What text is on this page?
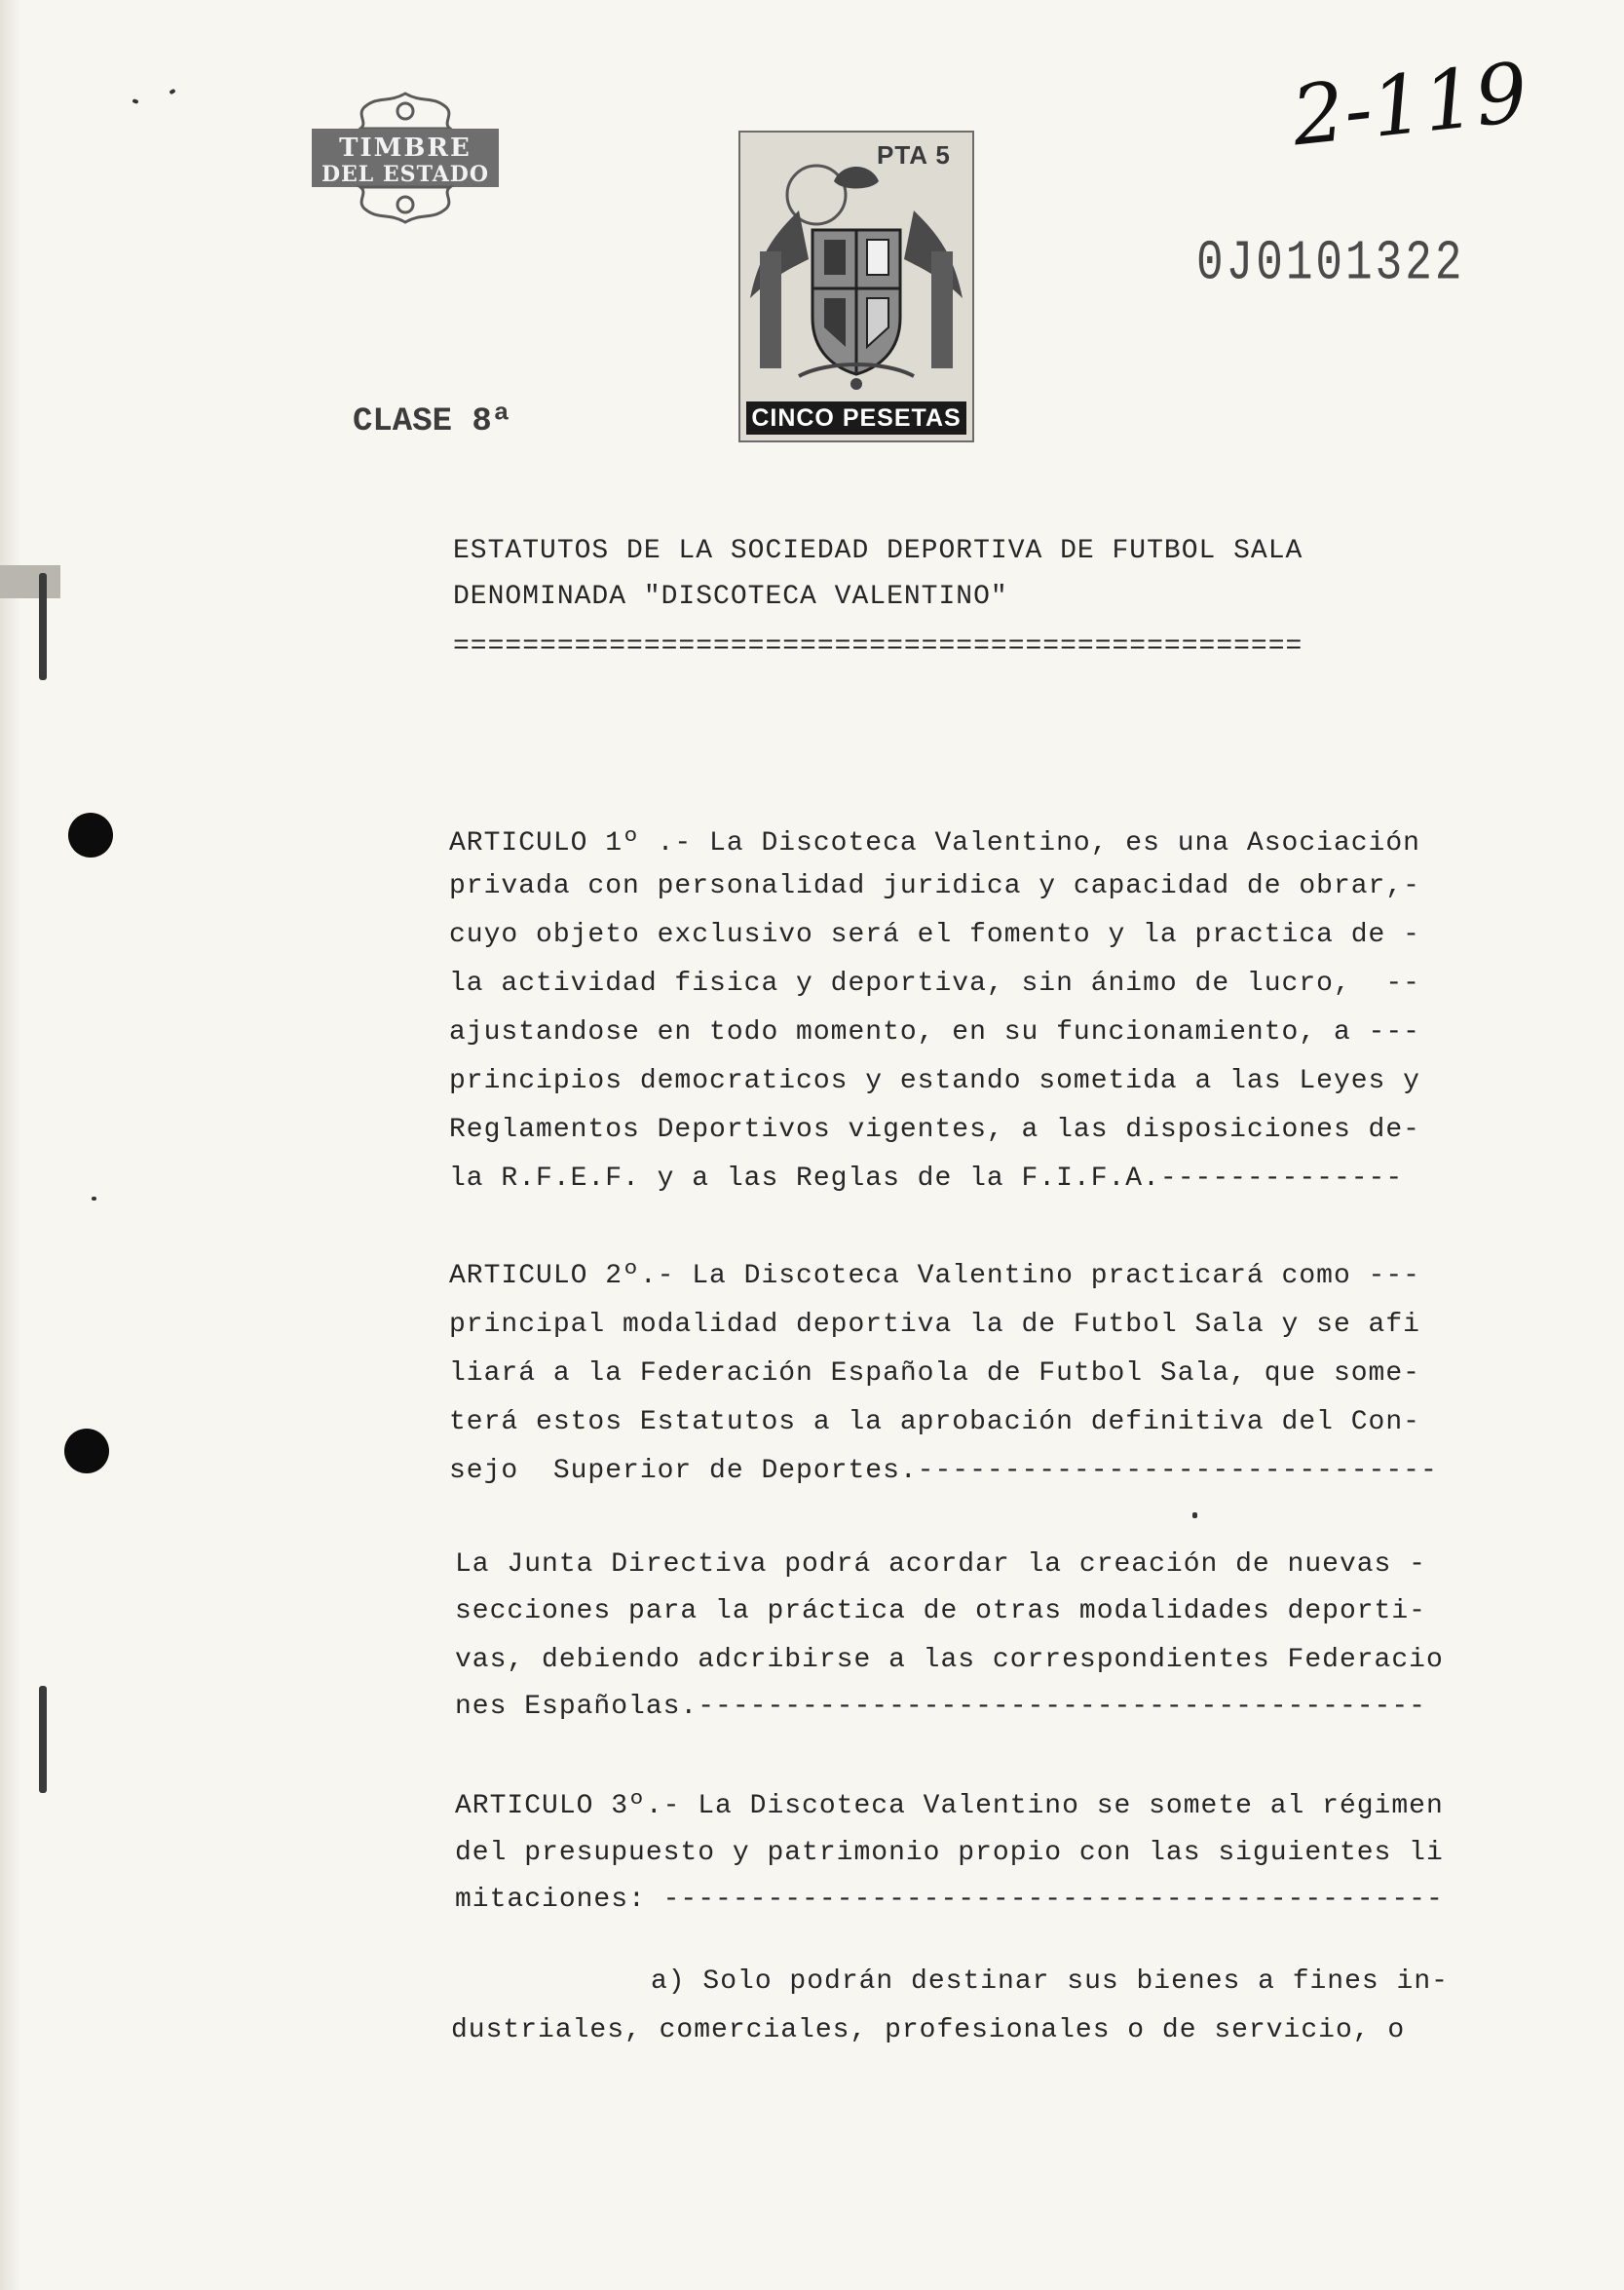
TIMBRE
DEL ESTADO
PTA 5
CINCO PESETAS
CLASE 8ª
2-119
0J0101322
ESTATUTOS DE LA SOCIEDAD DEPORTIVA DE FUTBOL SALA
DENOMINADA "DISCOTECA VALENTINO"
=================================================
ARTICULO 1º .- La Discoteca Valentino, es una Asociación
privada con personalidad juridica y capacidad de obrar,-
cuyo objeto exclusivo será el fomento y la practica de -
la actividad fisica y deportiva, sin ánimo de lucro,  --
ajustandose en todo momento, en su funcionamiento, a ---
principios democraticos y estando sometida a las Leyes y
Reglamentos Deportivos vigentes, a las disposiciones de-
la R.F.E.F. y a las Reglas de la F.I.F.A.--------------
ARTICULO 2º.- La Discoteca Valentino practicará como ---
principal modalidad deportiva la de Futbol Sala y se afi
liará a la Federación Española de Futbol Sala, que some-
terá estos Estatutos a la aprobación definitiva del Con-
sejo  Superior de Deportes.------------------------------
La Junta Directiva podrá acordar la creación de nuevas -
secciones para la práctica de otras modalidades deporti-
vas, debiendo adcribirse a las correspondientes Federacio
nes Españolas.------------------------------------------
ARTICULO 3º.- La Discoteca Valentino se somete al régimen
del presupuesto y patrimonio propio con las siguientes li
mitaciones: ---------------------------------------------
a) Solo podrán destinar sus bienes a fines in-
dustriales, comerciales, profesionales o de servicio, o
